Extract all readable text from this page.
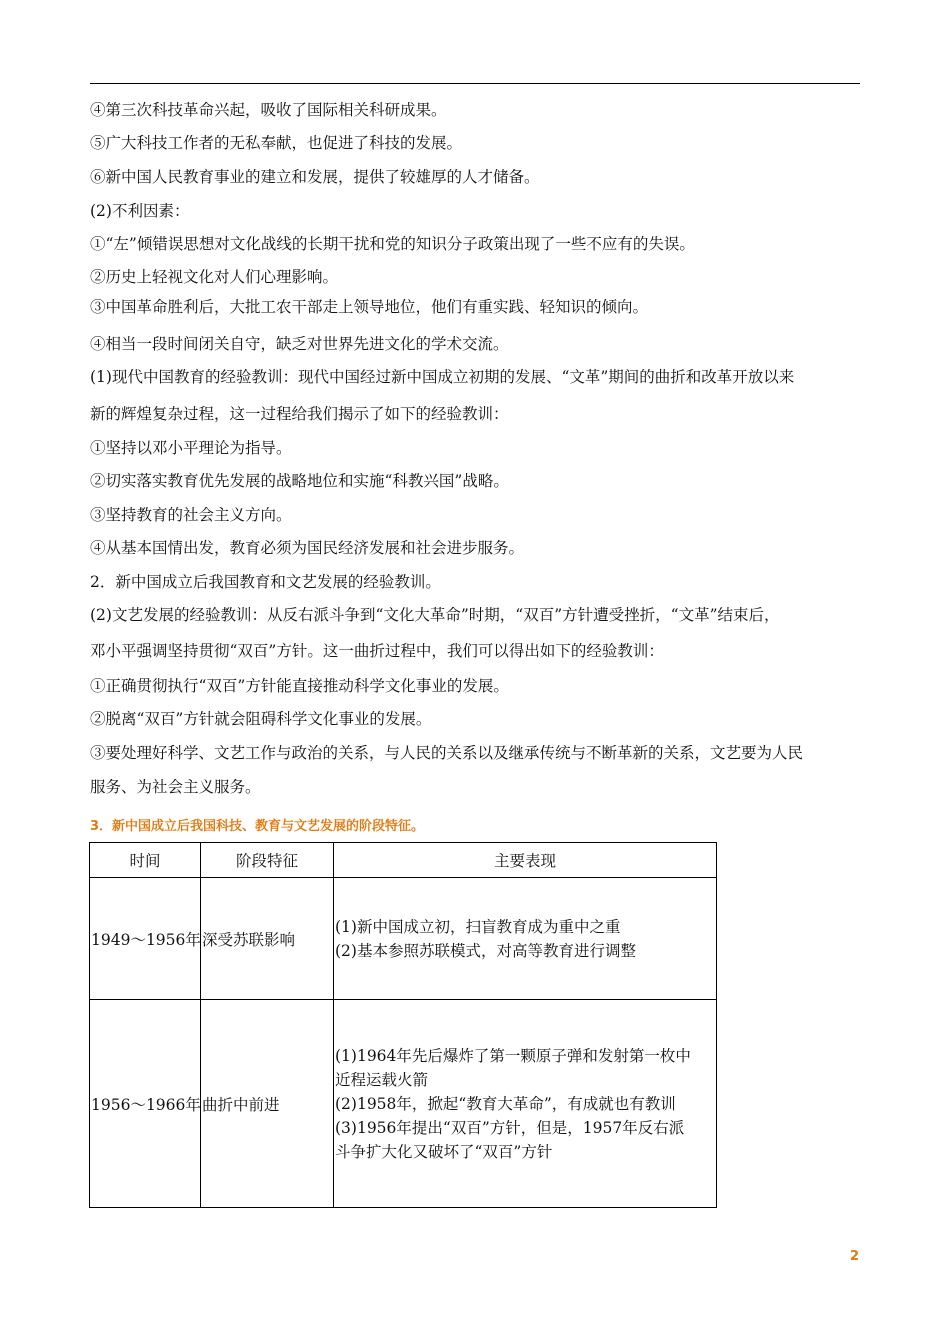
④第三次科技革命兴起，吸收了国际相关科研成果。
⑤广大科技工作者的无私奉献，也促进了科技的发展。
⑥新中国人民教育事业的建立和发展，提供了较雄厚的人才储备。
(2)不利因素：
①“左”倾错误思想对文化战线的长期干扰和党的知识分子政策出现了一些不应有的失误。
②历史上轻视文化对人们心理影响。
③中国革命胜利后，大批工农干部走上领导地位，他们有重实践、轻知识的倾向。
④相当一段时间闭关自守，缺乏对世界先进文化的学术交流。
(1)现代中国教育的经验教训：现代中国经过新中国成立初期的发展、“文革”期间的曲折和改革开放以来
新的辉煌复杂过程，这一过程给我们揭示了如下的经验教训：
①坚持以邓小平理论为指导。
②切实落实教育优先发展的战略地位和实施“科教兴国”战略。
③坚持教育的社会主义方向。
④从基本国情出发，教育必须为国民经济发展和社会进步服务。
2．新中国成立后我国教育和文艺发展的经验教训。
(2)文艺发展的经验教训：从反右派斗争到“文化大革命”时期，“双百”方针遭受挫折，“文革”结束后，
邓小平强调坚持贯彻“双百”方针。这一曲折过程中，我们可以得出如下的经验教训：
①正确贯彻执行“双百”方针能直接推动科学文化事业的发展。
②脱离“双百”方针就会阻碍科学文化事业的发展。
③要处理好科学、文艺工作与政治的关系，与人民的关系以及继承传统与不断革新的关系，文艺要为人民
服务、为社会主义服务。
3．新中国成立后我国科技、教育与文艺发展的阶段特征。
时间	阶段特征	主要表现
1949～1956年	深受苏联影响	(1)新中国成立初，扫盲教育成为重中之重
(2)基本参照苏联模式，对高等教育进行调整

1956～1966年	曲折中前进	(1)1964年先后爆炸了第一颗原子弹和发射第一枚中
近程运载火箭
(2)1958年，掀起“教育大革命”，有成就也有教训
(3)1956年提出“双百”方针，但是，1957年反右派
斗争扩大化又破坏了“双百”方针
2
